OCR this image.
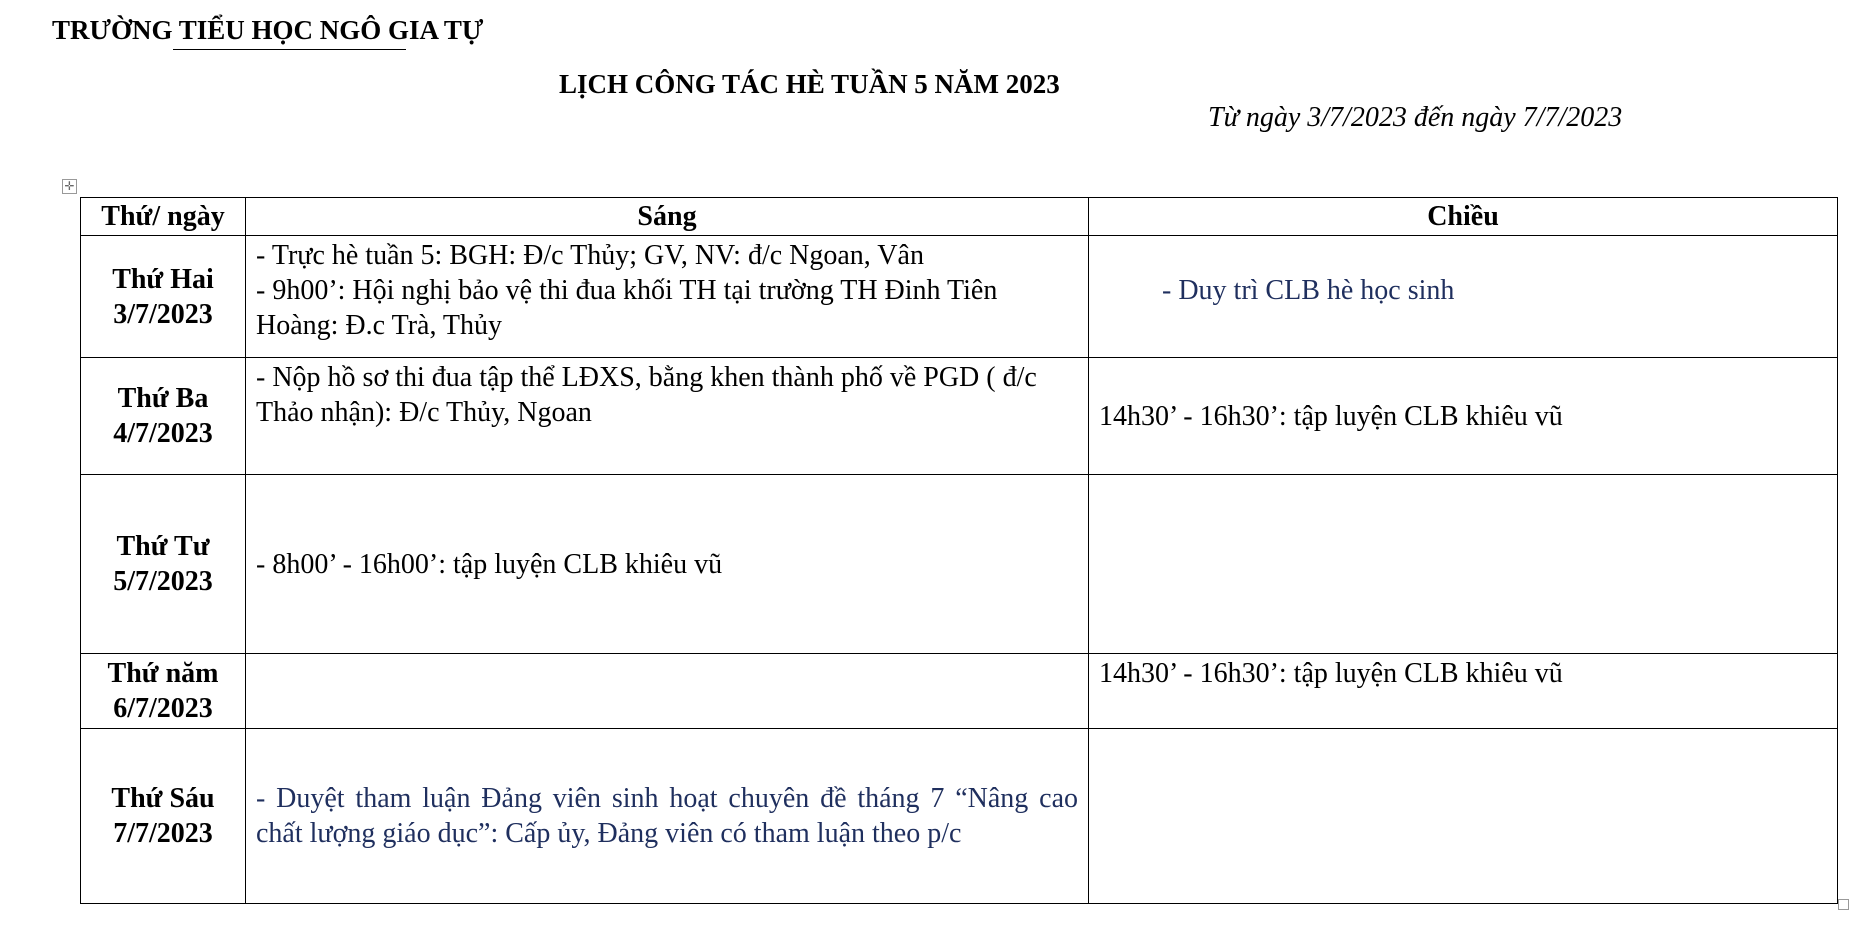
TRƯỜNG TIỂU HỌC NGÔ GIA TỰ
LỊCH CÔNG TÁC HÈ TUẦN 5 NĂM 2023
Từ ngày 3/7/2023 đến ngày 7/7/2023
✛
Thứ/ ngày	Sáng	Chiều

Thứ Hai
3/7/2023	- Trực hè tuần 5: BGH: Đ/c Thủy; GV, NV: đ/c Ngoan, Vân
- 9h00’: Hội nghị bảo vệ thi đua khối TH tại trường TH Đinh Tiên Hoàng: Đ.c Trà, Thủy	- Duy trì CLB hè học sinh

Thứ Ba
4/7/2023	- Nộp hồ sơ thi đua tập thể LĐXS, bằng khen thành phố về PGD ( đ/c Thảo nhận): Đ/c Thủy, Ngoan	14h30’ - 16h30’: tập luyện CLB khiêu vũ

Thứ Tư
5/7/2023	- 8h00’ - 16h00’: tập luyện CLB khiêu vũ	

Thứ năm
6/7/2023		14h30’ - 16h30’: tập luyện CLB khiêu vũ

Thứ Sáu
7/7/2023	- Duyệt tham luận Đảng viên sinh hoạt chuyên đề tháng 7 “Nâng cao chất lượng giáo dục”: Cấp ủy, Đảng viên có tham luận theo p/c	
